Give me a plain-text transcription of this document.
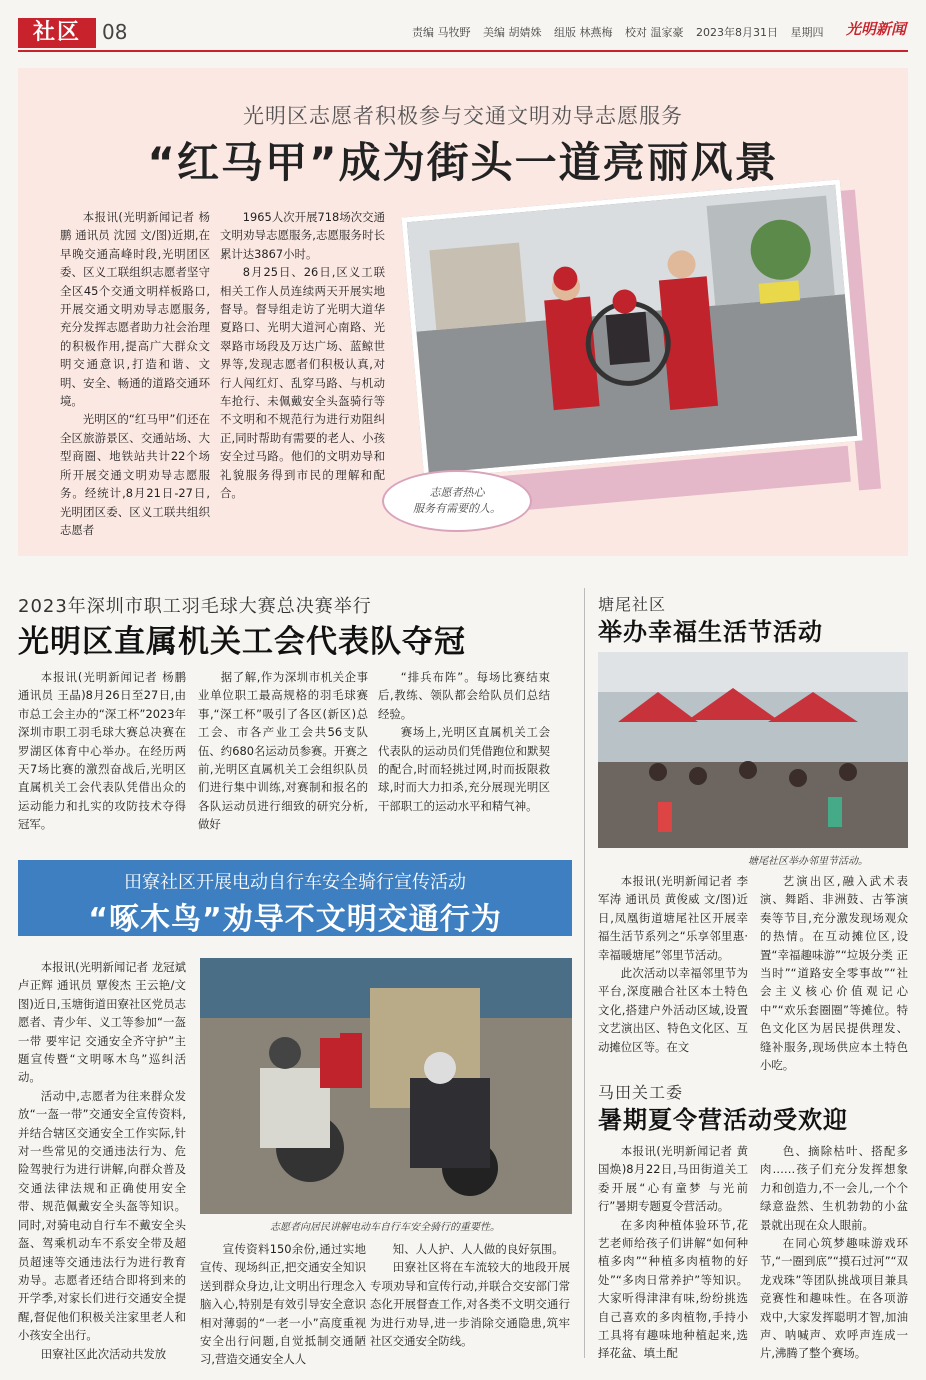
社区	08	责编 马牧野 美编 胡婧姝 组版 林燕梅 校对 温家豪 2023年8月31日 星期四	光明新闻
光明区志愿者积极参与交通文明劝导志愿服务
“红马甲”成为街头一道亮丽风景

本报讯(光明新闻记者 杨鹏 通讯员 沈园 文/图)近期,在早晚交通高峰时段,光明团区委、区义工联组织志愿者坚守全区45个交通文明样板路口,开展交通文明劝导志愿服务,充分发挥志愿者助力社会治理的积极作用,提高广大群众文明交通意识,打造和谐、文明、安全、畅通的道路交通环境。

光明区的“红马甲”们还在全区旅游景区、交通站场、大型商圈、地铁站共计22个场所开展交通文明劝导志愿服务。经统计,8月21日-27日,光明团区委、区义工联共组织志愿者

1965人次开展718场次交通文明劝导志愿服务,志愿服务时长累计达3867小时。

8月25日、26日,区义工联相关工作人员连续两天开展实地督导。督导组走访了光明大道华夏路口、光明大道河心南路、光翠路市场段及万达广场、蓝鲸世界等,发现志愿者们积极认真,对行人闯红灯、乱穿马路、与机动车抢行、未佩戴安全头盔骑行等不文明和不规范行为进行劝阻纠正,同时帮助有需要的老人、小孩安全过马路。他们的文明劝导和礼貌服务得到市民的理解和配合。	志愿者热心
服务有需要的人。
2023年深圳市职工羽毛球大赛总决赛举行
光明区直属机关工会代表队夺冠

本报讯(光明新闻记者 杨鹏 通讯员 王晶)8月26日至27日,由市总工会主办的“深工杯”2023年深圳市职工羽毛球大赛总决赛在罗湖区体育中心举办。在经历两天7场比赛的激烈奋战后,光明区直属机关工会代表队凭借出众的运动能力和扎实的攻防技术夺得冠军。

据了解,作为深圳市机关企事业单位职工最高规格的羽毛球赛事,“深工杯”吸引了各区(新区)总工会、市各产业工会共56支队伍、约680名运动员参赛。开赛之前,光明区直属机关工会组织队员们进行集中训练,对赛制和报名的各队运动员进行细致的研究分析,做好

“排兵布阵”。每场比赛结束后,教练、领队都会给队员们总结经验。

赛场上,光明区直属机关工会代表队的运动员们凭借跑位和默契的配合,时而轻挑过网,时而扳限救球,时而大力扣杀,充分展现光明区干部职工的运动水平和精气神。

塘尾社区
举办幸福生活节活动
塘尾社区举办邻里节活动。

本报讯(光明新闻记者 李军涛 通讯员 黄俊威 文/图)近日,凤凰街道塘尾社区开展幸福生活节系列之“乐享邻里惠·幸福暖塘尾”邻里节活动。

此次活动以幸福邻里节为平台,深度融合社区本土特色文化,搭建户外活动区域,设置文艺演出区、特色文化区、互动摊位区等。在文

艺演出区,融入武术表演、舞蹈、非洲鼓、古筝演奏等节目,充分激发现场观众的热情。在互动摊位区,设置“幸福趣味游”“垃圾分类 正当时”“道路安全零事故”“社会主义核心价值观记心中”“欢乐套圈圈”等摊位。特色文化区为居民提供理发、缝补服务,现场供应本土特色小吃。

田寮社区开展电动自行车安全骑行宣传活动
“啄木鸟”劝导不文明交通行为

本报讯(光明新闻记者 龙冠斌 卢正辉 通讯员 覃俊杰 王云艳/文图)近日,玉塘街道田寮社区党员志愿者、青少年、义工等参加“一盔一带 要牢记 交通安全齐守护”主题宣传暨“文明啄木鸟”巡纠活动。

活动中,志愿者为往来群众发放“一盔一带”交通安全宣传资料,并结合辖区交通安全工作实际,针对一些常见的交通违法行为、危险驾驶行为进行讲解,向群众普及交通法律法规和正确使用安全带、规范佩戴安全头盔等知识。同时,对骑电动自行车不戴安全头盔、驾乘机动车不系安全带及超员超速等交通违法行为进行教育劝导。志愿者还结合即将到来的开学季,对家长们进行交通安全提醒,督促他们积极关注家里老人和小孩安全出行。

田寮社区此次活动共发放

志愿者向居民讲解电动车自行车安全骑行的重要性。

宣传资料150余份,通过实地宣传、现场纠正,把交通安全知识送到群众身边,让文明出行理念入脑入心,特别是有效引导安全意识相对薄弱的“一老一小”高度重视安全出行问题,自觉抵制交通陋习,营造交通安全人人

知、人人护、人人做的良好氛围。

田寮社区将在车流较大的地段开展专项劝导和宣传行动,并联合交安部门常态化开展督查工作,对各类不文明交通行为进行劝导,进一步消除交通隐患,筑牢社区交通安全防线。

马田关工委
暑期夏令营活动受欢迎

本报讯(光明新闻记者 黄国焕)8月22日,马田街道关工委开展“心有童梦 与光前行”暑期专题夏令营活动。

在多肉种植体验环节,花艺老师给孩子们讲解“如何种植多肉”“种植多肉植物的好处”“多肉日常养护”等知识。大家听得津津有味,纷纷挑选自己喜欢的多肉植物,手持小工具将有趣味地种植起来,选择花盆、填土配

色、摘除枯叶、搭配多肉……孩子们充分发挥想象力和创造力,不一会儿,一个个绿意盎然、生机勃勃的小盆景就出现在众人眼前。

在同心筑梦趣味游戏环节,“一圈到底”“摸石过河”“双龙戏珠”等团队挑战项目兼具竞赛性和趣味性。在各项游戏中,大家发挥聪明才智,加油声、呐喊声、欢呼声连成一片,沸腾了整个赛场。
